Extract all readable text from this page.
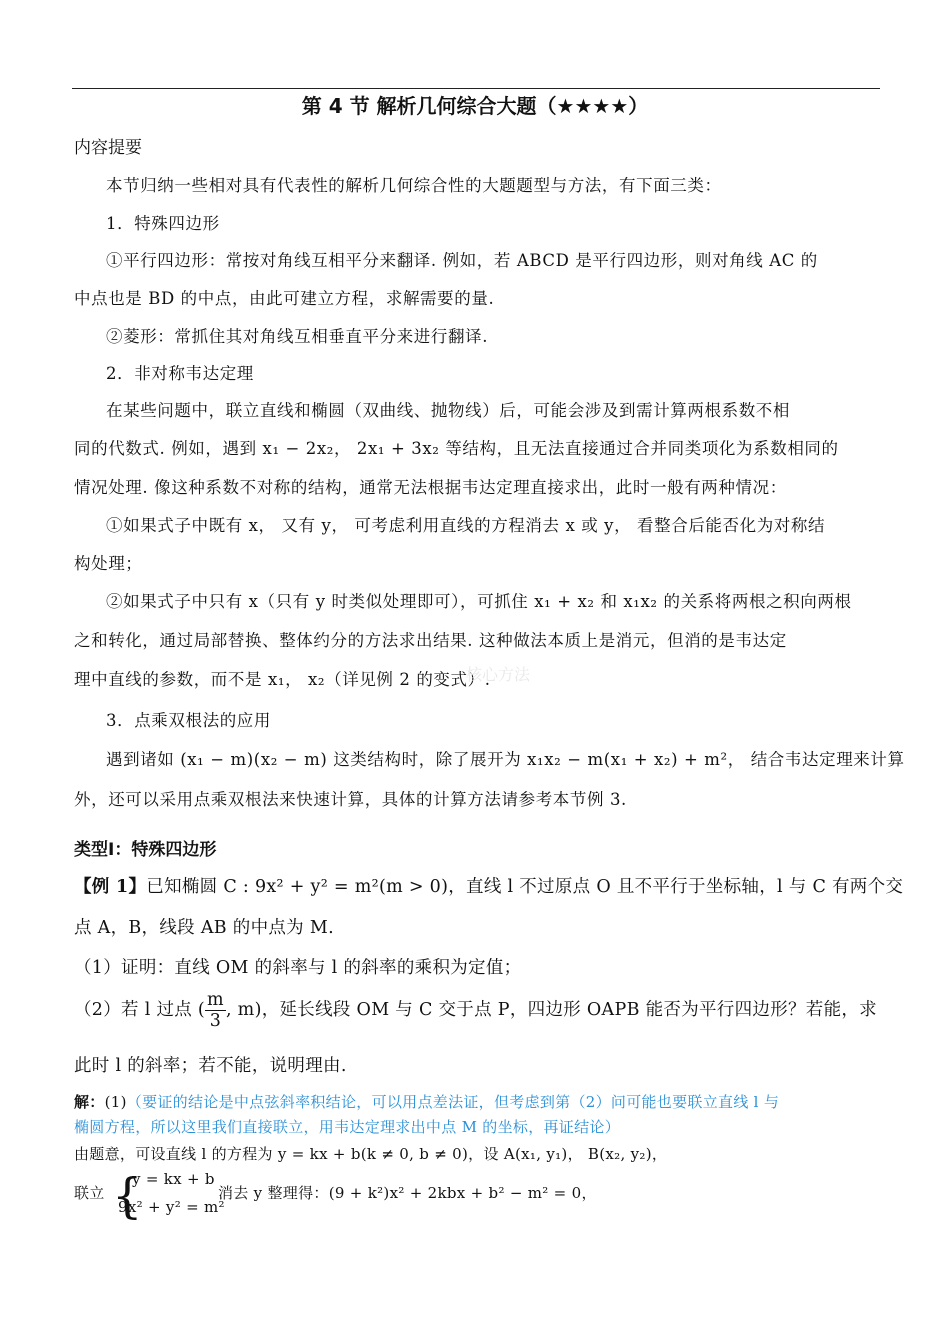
第 4 节 解析几何综合大题（★★★★）
内容提要
本节归纳一些相对具有代表性的解析几何综合性的大题题型与方法，有下面三类：
1．特殊四边形
①平行四边形：常按对角线互相平分来翻译. 例如，若 ABCD 是平行四边形，则对角线 AC 的
中点也是 BD 的中点，由此可建立方程，求解需要的量.
②菱形：常抓住其对角线互相垂直平分来进行翻译.
2．非对称韦达定理
在某些问题中，联立直线和椭圆（双曲线、抛物线）后，可能会涉及到需计算两根系数不相
同的代数式. 例如，遇到 x₁ − 2x₂， 2x₁ + 3x₂ 等结构，且无法直接通过合并同类项化为系数相同的
情况处理. 像这种系数不对称的结构，通常无法根据韦达定理直接求出，此时一般有两种情况：
①如果式子中既有 x， 又有 y， 可考虑利用直线的方程消去 x 或 y， 看整合后能否化为对称结
构处理；
②如果式子中只有 x（只有 y 时类似处理即可），可抓住 x₁ + x₂ 和 x₁x₂ 的关系将两根之积向两根
之和转化，通过局部替换、整体约分的方法求出结果. 这种做法本质上是消元，但消的是韦达定
理中直线的参数，而不是 x₁， x₂（详见例 2 的变式）.
核心方法
3．点乘双根法的应用
遇到诸如 (x₁ − m)(x₂ − m) 这类结构时，除了展开为 x₁x₂ − m(x₁ + x₂) + m²， 结合韦达定理来计算
外，还可以采用点乘双根法来快速计算，具体的计算方法请参考本节例 3.
类型Ⅰ：特殊四边形
【例 1】已知椭圆 C : 9x² + y² = m²(m > 0)，直线 l 不过原点 O 且不平行于坐标轴，l 与 C 有两个交
点 A，B，线段 AB 的中点为 M.
（1）证明：直线 OM 的斜率与 l 的斜率的乘积为定值；
（2）若 l 过点 ( $\frac{m}{3}$ , m)，延长线段 OM 与 C 交于点 P，四边形 OAPB 能否为平行四边形？若能，求
此时 l 的斜率；若不能，说明理由.
解：(1)（要证的结论是中点弦斜率积结论，可以用点差法证，但考虑到第（2）问可能也要联立直线 l 与
椭圆方程，所以这里我们直接联立，用韦达定理求出中点 M 的坐标，再证结论）
由题意，可设直线 l 的方程为 y = kx + b(k ≠ 0, b ≠ 0)，设 A(x₁, y₁)， B(x₂, y₂)，
联立 {
y = kx + b
9x² + y² = m²
消去 y 整理得：(9 + k²)x² + 2kbx + b² − m² = 0，
